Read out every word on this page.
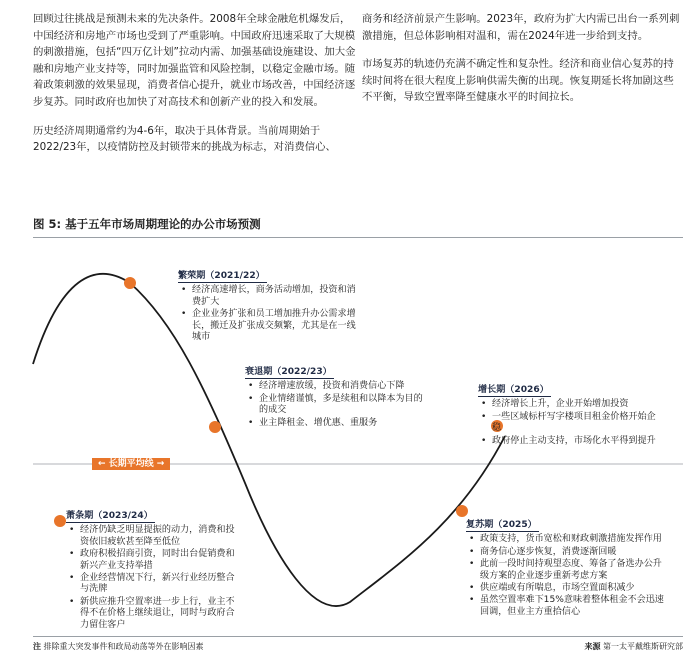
回顾过往挑战是预测未来的先决条件。2008年全球金融危机爆发后，中国经济和房地产市场也受到了严重影响。中国政府迅速采取了大规模的刺激措施，包括“四万亿计划”拉动内需、加强基础设施建设、加大金融和房地产业支持等，同时加强监管和风险控制，以稳定金融市场。随着政策刺激的效果显现，消费者信心提升，就业市场改善，中国经济逐步复苏。同时政府也加快了对高技术和创新产业的投入和发展。

历史经济周期通常约为4-6年，取决于具体背景。当前周期始于2022/23年，以疫情防控及封锁带来的挑战为标志，对消费信心、

商务和经济前景产生影响。2023年，政府为扩大内需已出台一系列刺激措施，但总体影响相对温和，需在2024年进一步给到支持。

市场复苏的轨迹仍充满不确定性和复杂性。经济和商业信心复苏的持续时间将在很大程度上影响供需失衡的出现。恢复期延长将加剧这些不平衡，导致空置率降至健康水平的时间拉长。

图 5: 基于五年市场周期理论的办公市场预测
← 长期平均线 →
繁荣期（2021/22）
• 经济高速增长，商务活动增加，投资和消费扩大
• 企业业务扩张和员工增加推升办公需求增长，搬迁及扩张成交频繁，尤其是在一线城市
衰退期（2022/23）
• 经济增速放缓，投资和消费信心下降
• 企业情绪谨慎，多是续租和以降本为目的的成交
• 业主降租金、增优惠、重服务
增长期（2026）
• 经济增长上升，企业开始增加投资
• 一些区域标杆写字楼项目租金价格开始企稳
• 政府停止主动支持，市场化水平得到提升
萧条期（2023/24）
• 经济仍缺乏明显提振的动力，消费和投资依旧疲软甚至降至低位
• 政府积极招商引资，同时出台促销费和新兴产业支持举措
• 企业经营情况下行，新兴行业经历整合与洗牌
• 新供应推升空置率进一步上行，业主不得不在价格上继续退让，同时与政府合力留住客户
复苏期（2025）
• 政策支持，货币宽松和财政刺激措施发挥作用
• 商务信心逐步恢复，消费逐渐回暖
• 此前一段时间持观望态度、筹备了备选办公升级方案的企业逐步重新考虑方案
• 供应端或有所喘息，市场空置面积减少
• 虽然空置率难下15%意味着整体租金不会迅速回调，但业主方重拾信心
注 排除重大突发事件和政局动荡等外在影响因素	来源 第一太平戴维斯研究部
